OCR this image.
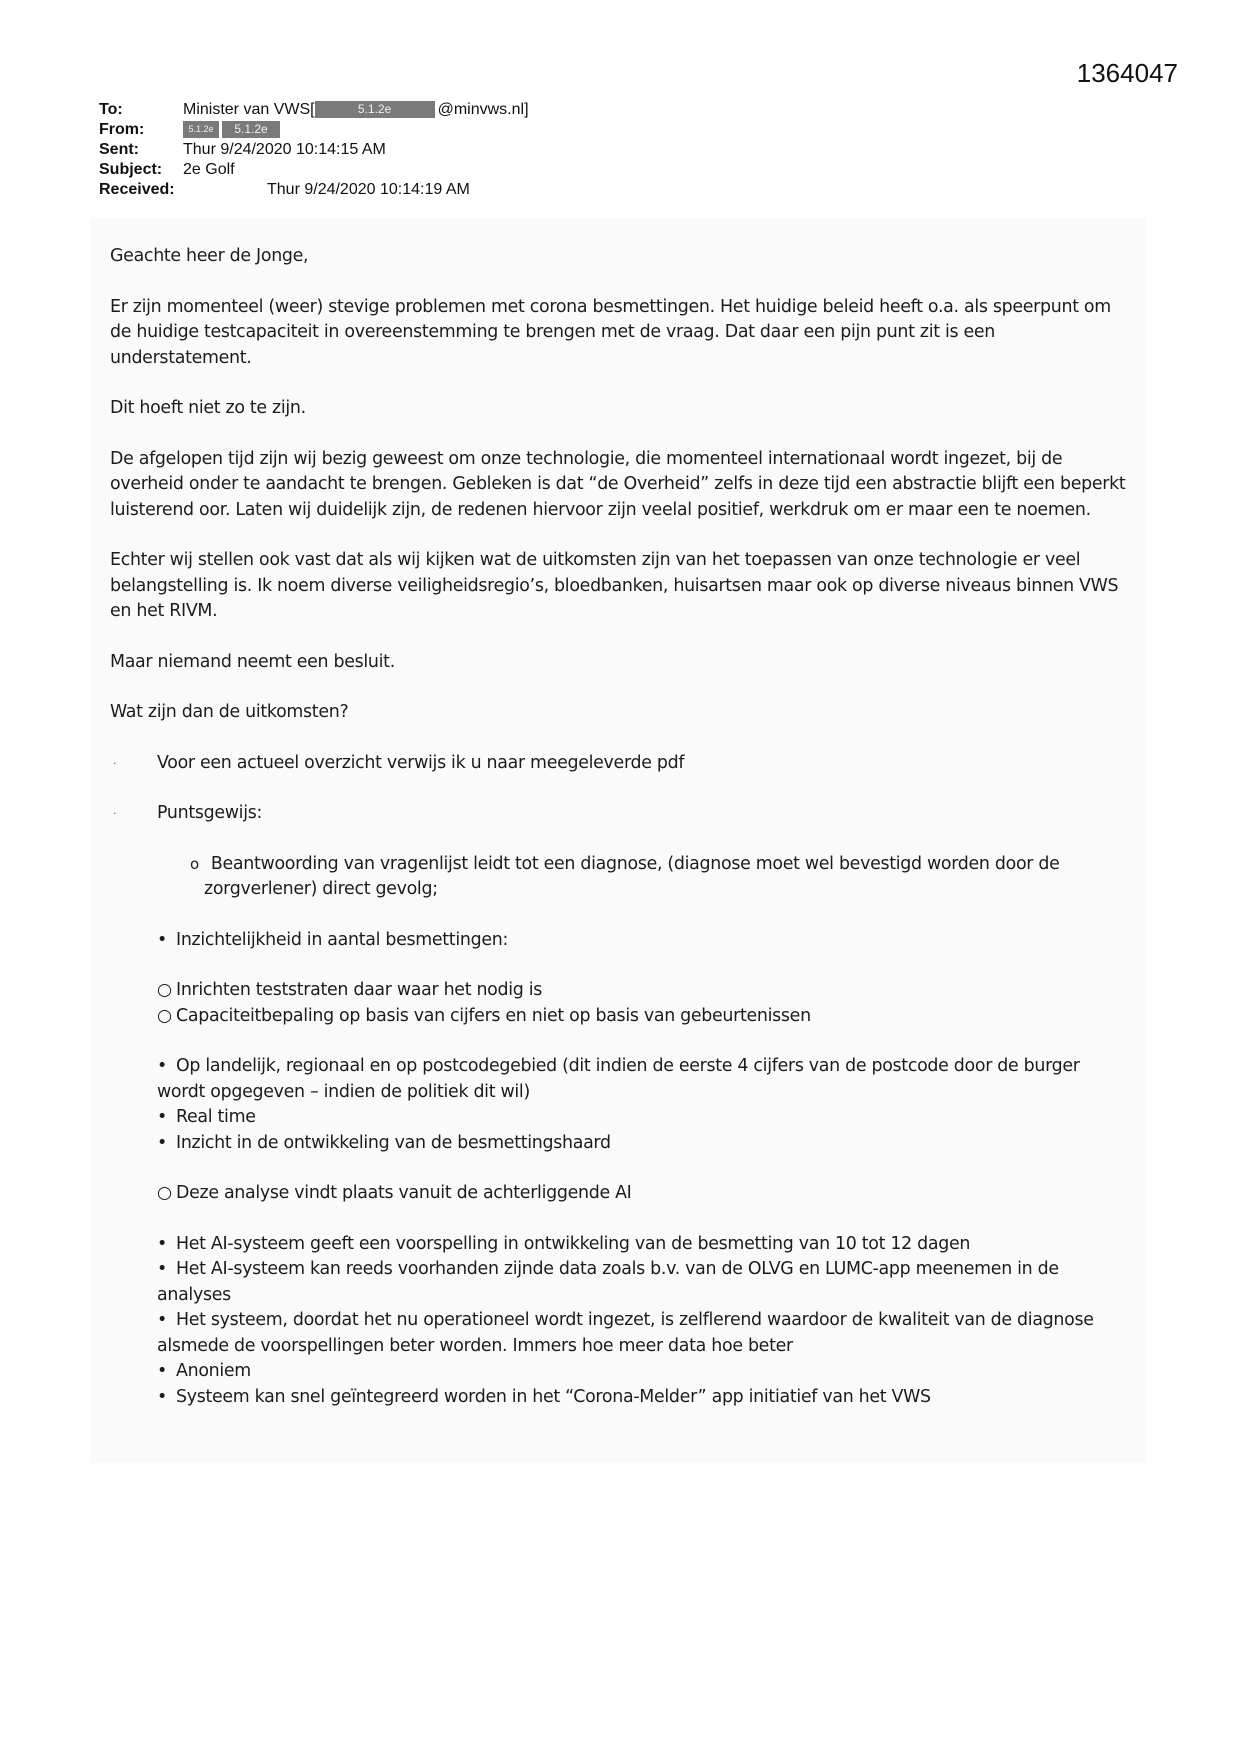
1364047
To:	Minister van VWS[	5.1.2e	@minvws.nl]
From:	5.1.2e 5.1.2e
Sent:	Thur 9/24/2020 10:14:15 AM
Subject: 2e Golf
Received:	Thur 9/24/2020 10:14:19 AM

Geachte heer de Jonge,

Er zijn momenteel (weer) stevige problemen met corona besmettingen. Het huidige beleid heeft o.a. als speerpunt om de huidige testcapaciteit in overeenstemming te brengen met de vraag. Dat daar een pijn punt zit is een understatement.

Dit hoeft niet zo te zijn.

De afgelopen tijd zijn wij bezig geweest om onze technologie, die momenteel internationaal wordt ingezet, bij de overheid onder te aandacht te brengen. Gebleken is dat “de Overheid” zelfs in deze tijd een abstractie blijft een beperkt luisterend oor. Laten wij duidelijk zijn, de redenen hiervoor zijn veelal positief, werkdruk om er maar een te noemen.

Echter wij stellen ook vast dat als wij kijken wat de uitkomsten zijn van het toepassen van onze technologie er veel belangstelling is. Ik noem diverse veiligheidsregio’s, bloedbanken, huisartsen maar ook op diverse niveaus binnen VWS en het RIVM.

Maar niemand neemt een besluit.

Wat zijn dan de uitkomsten?

· Voor een actueel overzicht verwijs ik u naar meegeleverde pdf
· Puntsgewijs:
o Beantwoording van vragenlijst leidt tot een diagnose, (diagnose moet wel bevestigd worden door de zorgverlener) direct gevolg;
• Inzichtelijkheid in aantal besmettingen:
○ Inrichten teststraten daar waar het nodig is
○ Capaciteitbepaling op basis van cijfers en niet op basis van gebeurtenissen
• Op landelijk, regionaal en op postcodegebied (dit indien de eerste 4 cijfers van de postcode door de burger wordt opgegeven – indien de politiek dit wil)
• Real time
• Inzicht in de ontwikkeling van de besmettingshaard
○ Deze analyse vindt plaats vanuit de achterliggende AI
• Het AI-systeem geeft een voorspelling in ontwikkeling van de besmetting van 10 tot 12 dagen
• Het AI-systeem kan reeds voorhanden zijnde data zoals b.v. van de OLVG en LUMC-app meenemen in de analyses
• Het systeem, doordat het nu operationeel wordt ingezet, is zelflerend waardoor de kwaliteit van de diagnose alsmede de voorspellingen beter worden. Immers hoe meer data hoe beter
• Anoniem
• Systeem kan snel geïntegreerd worden in het “Corona-Melder” app initiatief van het VWS
